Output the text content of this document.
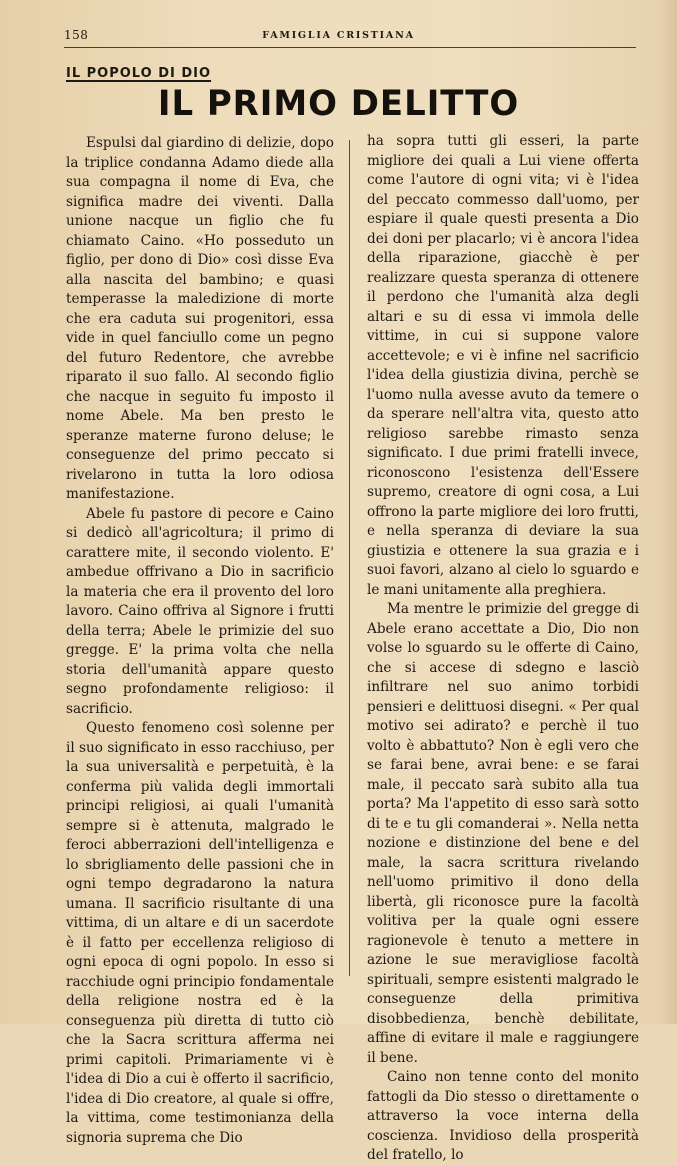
158	FAMIGLIA CRISTIANA
IL POPOLO DI DIO
IL PRIMO DELITTO

Espulsi dal giardino di delizie, dopo la triplice condanna Adamo diede alla sua compagna il nome di Eva, che significa madre dei viventi. Dalla unione nacque un figlio che fu chiamato Caino. «Ho posseduto un figlio, per dono di Dio» così disse Eva alla nascita del bambino; e quasi temperasse la maledizione di morte che era caduta sui progenitori, essa vide in quel fanciullo come un pegno del futuro Redentore, che avrebbe riparato il suo fallo. Al secondo figlio che nacque in seguito fu imposto il nome Abele. Ma ben presto le speranze materne furono deluse; le conseguenze del primo peccato si rivelarono in tutta la loro odiosa manifestazione.

Abele fu pastore di pecore e Caino si dedicò all'agricoltura; il primo di carattere mite, il secondo violento. E' ambedue offrivano a Dio in sacrificio la materia che era il provento del loro lavoro. Caino offriva al Signore i frutti della terra; Abele le primizie del suo gregge. E' la prima volta che nella storia dell'umanità appare questo segno profondamente religioso: il sacrificio.

Questo fenomeno così solenne per il suo significato in esso racchiuso, per la sua universalità e perpetuità, è la conferma più valida degli immortali principi religiosi, ai quali l'umanità sempre si è attenuta, malgrado le feroci abberrazioni dell'intelligenza e lo sbrigliamento delle passioni che in ogni tempo degradarono la natura umana. Il sacrificio risultante di una vittima, di un altare e di un sacerdote è il fatto per eccellenza religioso di ogni epoca di ogni popolo. In esso si racchiude ogni principio fondamentale della religione nostra ed è la conseguenza più diretta di tutto ciò che la Sacra scrittura afferma nei primi capitoli. Primariamente vi è l'idea di Dio a cui è offerto il sacrificio, l'idea di Dio creatore, al quale si offre, la vittima, come testimonianza della signoria suprema che Dio

ha sopra tutti gli esseri, la parte migliore dei quali a Lui viene offerta come l'autore di ogni vita; vi è l'idea del peccato commesso dall'uomo, per espiare il quale questi presenta a Dio dei doni per placarlo; vi è ancora l'idea della riparazione, giacchè è per realizzare questa speranza di ottenere il perdono che l'umanità alza degli altari e su di essa vi immola delle vittime, in cui si suppone valore accettevole; e vi è infine nel sacrificio l'idea della giustizia divina, perchè se l'uomo nulla avesse avuto da temere o da sperare nell'altra vita, questo atto religioso sarebbe rimasto senza significato. I due primi fratelli invece, riconoscono l'esistenza dell'Essere supremo, creatore di ogni cosa, a Lui offrono la parte migliore dei loro frutti, e nella speranza di deviare la sua giustizia e ottenere la sua grazia e i suoi favori, alzano al cielo lo sguardo e le mani unitamente alla preghiera.

Ma mentre le primizie del gregge di Abele erano accettate a Dio, Dio non volse lo sguardo su le offerte di Caino, che si accese di sdegno e lasciò infiltrare nel suo animo torbidi pensieri e delittuosi disegni. « Per qual motivo sei adirato? e perchè il tuo volto è abbattuto? Non è egli vero che se farai bene, avrai bene: e se farai male, il peccato sarà subito alla tua porta? Ma l'appetito di esso sarà sotto di te e tu gli comanderai ». Nella netta nozione e distinzione del bene e del male, la sacra scrittura rivelando nell'uomo primitivo il dono della libertà, gli riconosce pure la facoltà volitiva per la quale ogni essere ragionevole è tenuto a mettere in azione le sue meravigliose facoltà spirituali, sempre esistenti malgrado le conseguenze della primitiva disobbedienza, benchè debilitate, affine di evitare il male e raggiungere il bene.

Caino non tenne conto del monito fattogli da Dio stesso o direttamente o attraverso la voce interna della coscienza. Invidioso della prosperità del fratello, lo
